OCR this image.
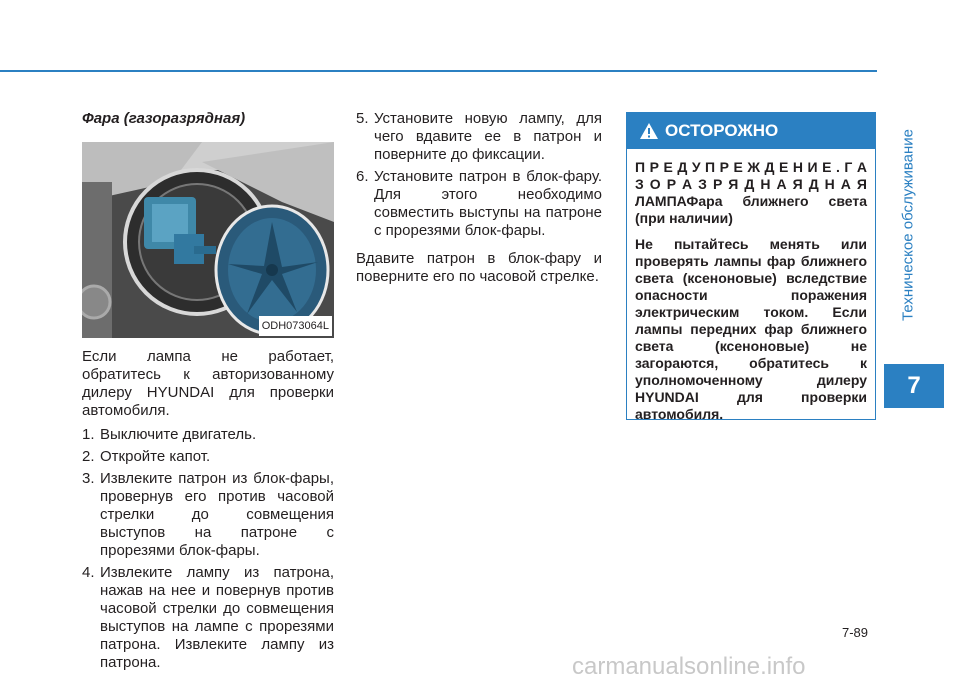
Техническое обслуживание
7
7-89
Фара (газоразрядная)
ODH073064L
Если лампа не работает, обратитесь к авторизованному дилеру HYUNDAI для проверки автомобиля.
1. Выключите двигатель.
2. Откройте капот.
3. Извлеките патрон из блок-фары, провернув его против часовой стрелки до совмещения выступов на патроне с прорезями блок-фары.
4. Извлеките лампу из патрона, нажав на нее и повернув против часовой стрелки до совмещения выступов на лампе с прорезями патрона. Извлеките лампу из патрона.
5. Установите новую лампу, для чего вдавите ее в патрон и поверните до фиксации.
6. Установите патрон в блок-фару. Для этого необходимо совместить выступы на патроне с прорезями блок-фары.
Вдавите патрон в блок-фару и поверните его по часовой стрелке.
ОСТОРОЖНО

П Р Е Д У П Р Е Ж Д Е Н И Е . Г А З О Р А З Р Я Д Н А Я Д Н А Я ЛАМПАФара ближнего света (при наличии)

Не пытайтесь менять или проверять лампы фар ближнего света (ксеноновые) вследствие опасности поражения электрическим током. Если лампы передних фар ближнего света (ксеноновые) не загораются, обратитесь к уполномоченному дилеру HYUNDAI для проверки автомобиля.

carmanualsonline.info
